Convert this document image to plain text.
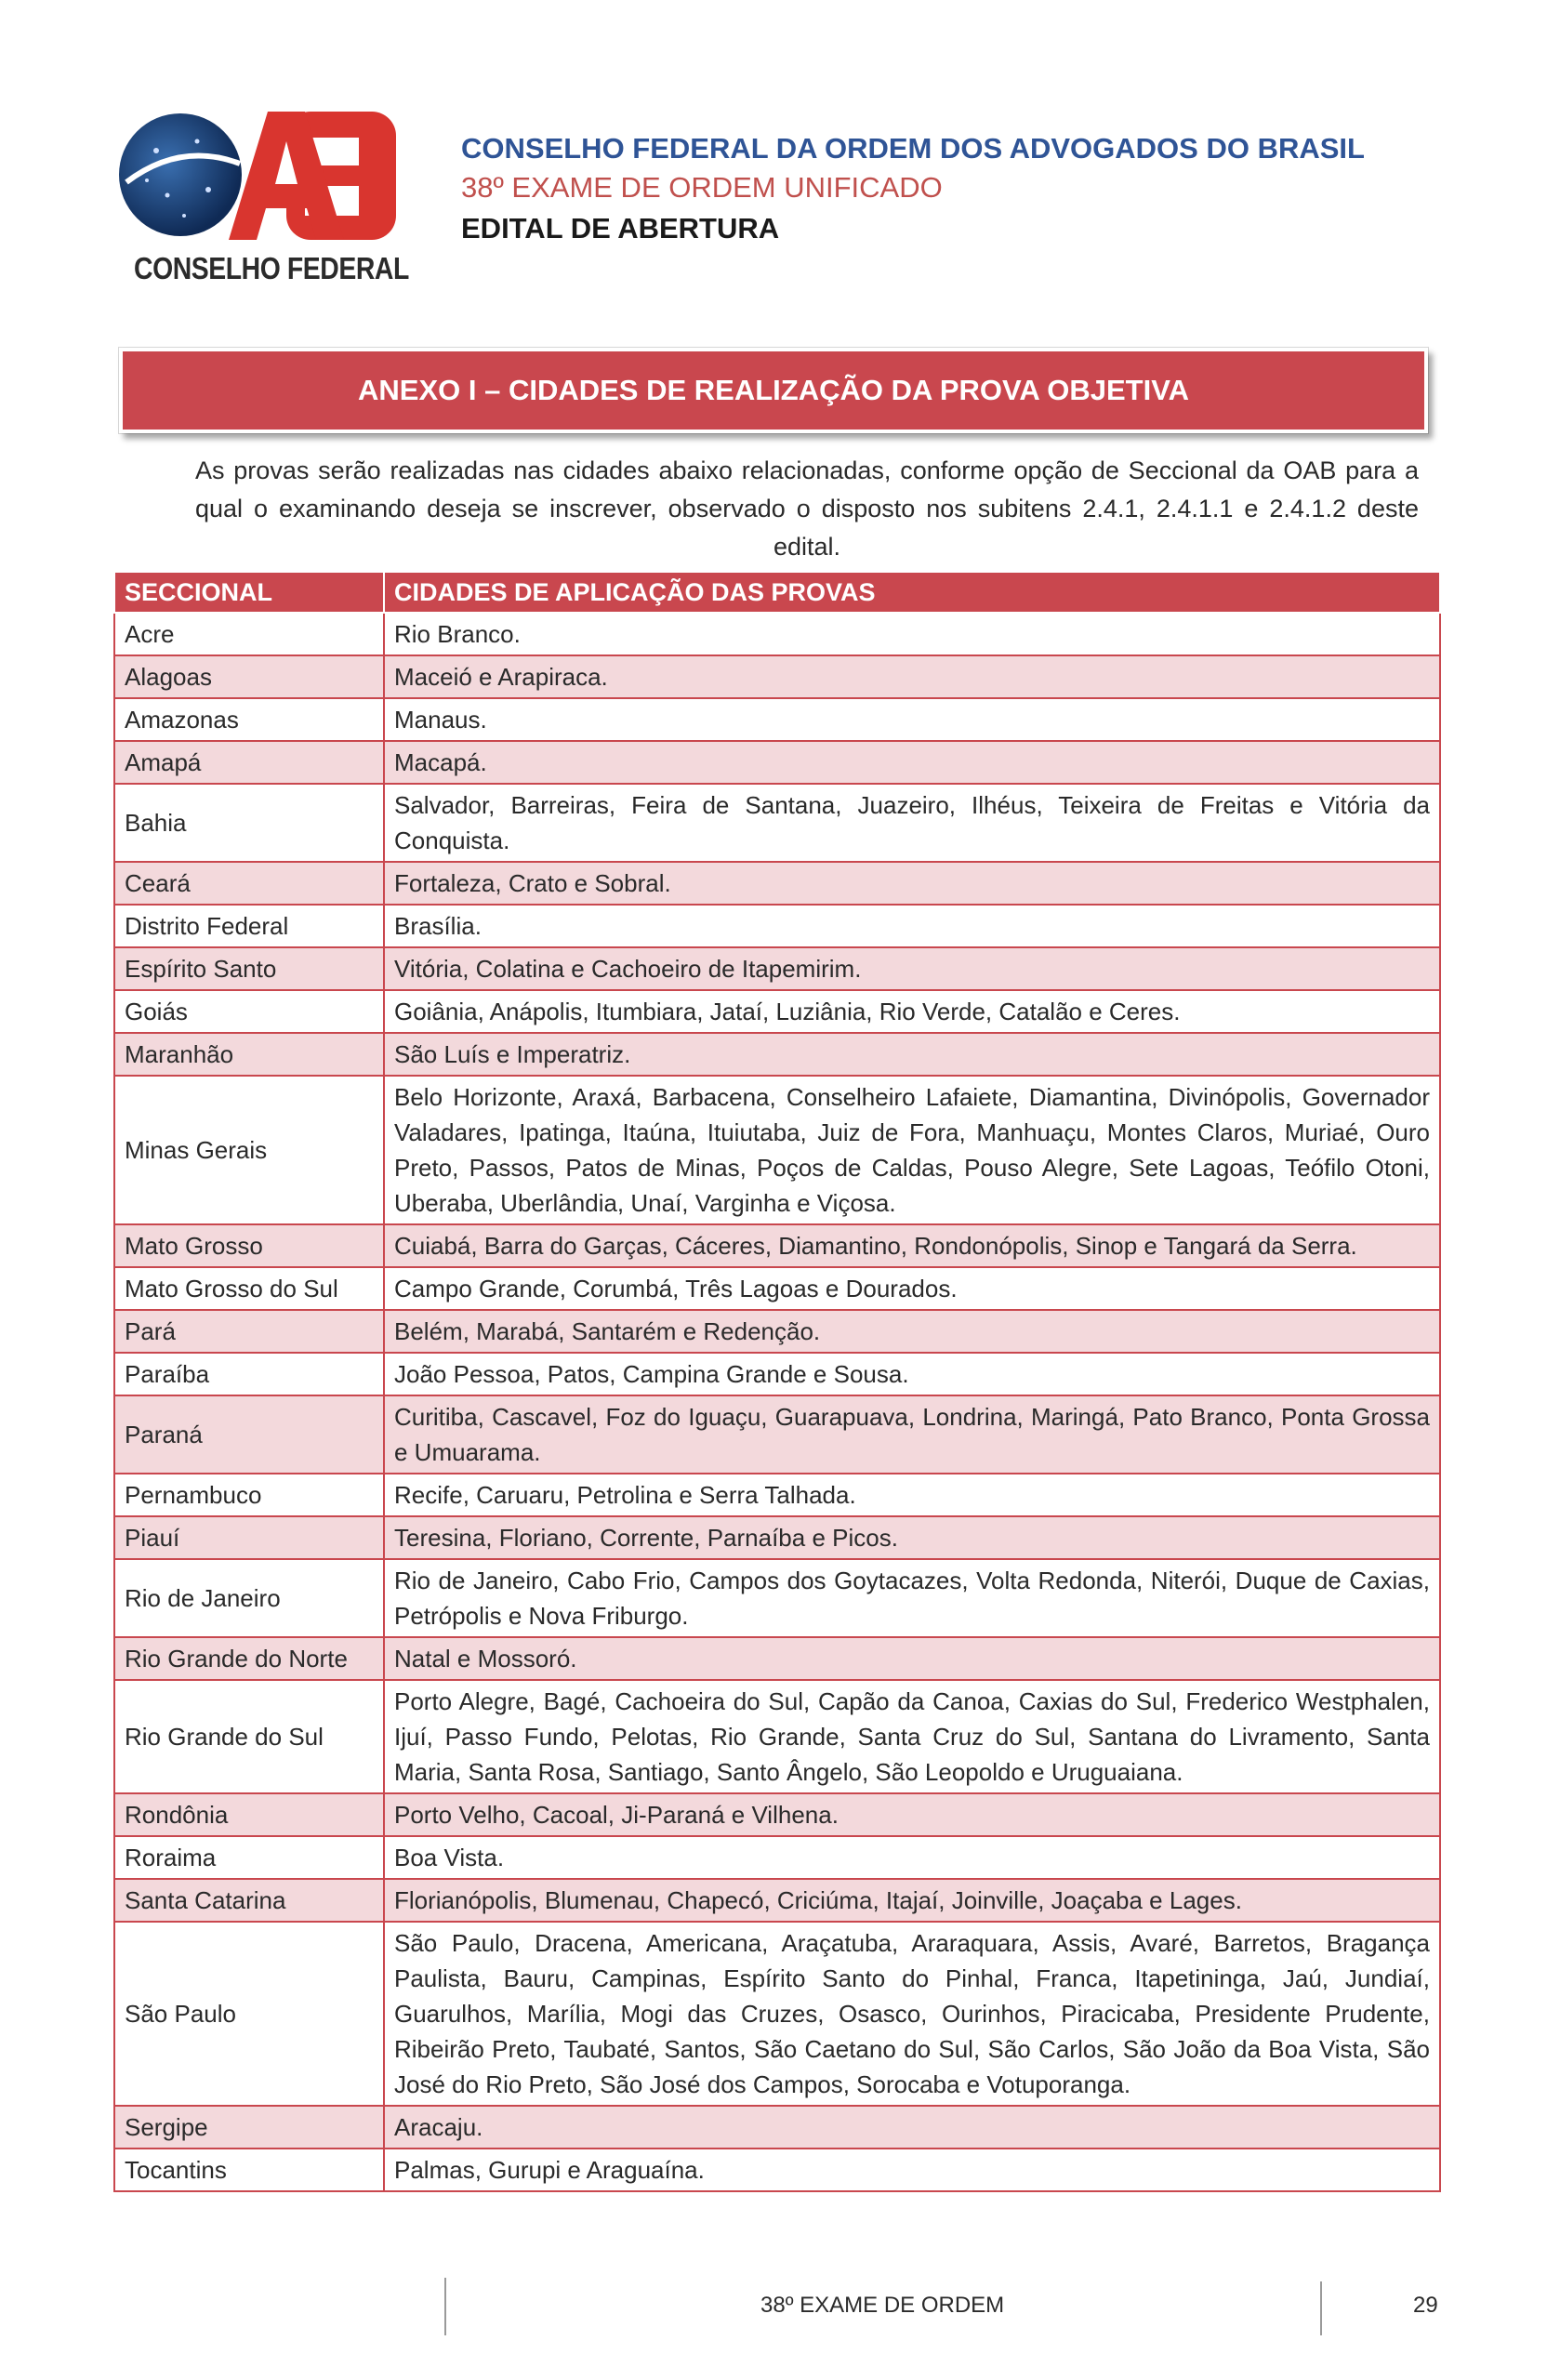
CONSELHO FEDERAL
CONSELHO FEDERAL DA ORDEM DOS ADVOGADOS DO BRASIL
38º EXAME DE ORDEM UNIFICADO
EDITAL DE ABERTURA
ANEXO I – CIDADES DE REALIZAÇÃO DA PROVA OBJETIVA
As provas serão realizadas nas cidades abaixo relacionadas, conforme opção de Seccional da OAB para a qual o examinando deseja se inscrever, observado o disposto nos subitens 2.4.1, 2.4.1.1 e 2.4.1.2 deste edital.
SECCIONAL	CIDADES DE APLICAÇÃO DAS PROVAS
Acre	Rio Branco.
Alagoas	Maceió e Arapiraca.
Amazonas	Manaus.
Amapá	Macapá.
Bahia	Salvador, Barreiras, Feira de Santana, Juazeiro, Ilhéus, Teixeira de Freitas e Vitória da Conquista.
Ceará	Fortaleza, Crato e Sobral.
Distrito Federal	Brasília.
Espírito Santo	Vitória, Colatina e Cachoeiro de Itapemirim.
Goiás	Goiânia, Anápolis, Itumbiara, Jataí, Luziânia, Rio Verde, Catalão e Ceres.
Maranhão	São Luís e Imperatriz.
Minas Gerais	Belo Horizonte, Araxá, Barbacena, Conselheiro Lafaiete, Diamantina, Divinópolis, Governador Valadares, Ipatinga, Itaúna, Ituiutaba, Juiz de Fora, Manhuaçu, Montes Claros, Muriaé, Ouro Preto, Passos, Patos de Minas, Poços de Caldas, Pouso Alegre, Sete Lagoas, Teófilo Otoni, Uberaba, Uberlândia, Unaí, Varginha e Viçosa.
Mato Grosso	Cuiabá, Barra do Garças, Cáceres, Diamantino, Rondonópolis, Sinop e Tangará da Serra.
Mato Grosso do Sul	Campo Grande, Corumbá, Três Lagoas e Dourados.
Pará	Belém, Marabá, Santarém e Redenção.
Paraíba	João Pessoa, Patos, Campina Grande e Sousa.
Paraná	Curitiba, Cascavel, Foz do Iguaçu, Guarapuava, Londrina, Maringá, Pato Branco, Ponta Grossa e Umuarama.
Pernambuco	Recife, Caruaru, Petrolina e Serra Talhada.
Piauí	Teresina, Floriano, Corrente, Parnaíba e Picos.
Rio de Janeiro	Rio de Janeiro, Cabo Frio, Campos dos Goytacazes, Volta Redonda, Niterói, Duque de Caxias, Petrópolis e Nova Friburgo.
Rio Grande do Norte	Natal e Mossoró.
Rio Grande do Sul	Porto Alegre, Bagé, Cachoeira do Sul, Capão da Canoa, Caxias do Sul, Frederico Westphalen, Ijuí, Passo Fundo, Pelotas, Rio Grande, Santa Cruz do Sul, Santana do Livramento, Santa Maria, Santa Rosa, Santiago, Santo Ângelo, São Leopoldo e Uruguaiana.
Rondônia	Porto Velho, Cacoal, Ji-Paraná e Vilhena.
Roraima	Boa Vista.
Santa Catarina	Florianópolis, Blumenau, Chapecó, Criciúma, Itajaí, Joinville, Joaçaba e Lages.
São Paulo	São Paulo, Dracena, Americana, Araçatuba, Araraquara, Assis, Avaré, Barretos, Bragança Paulista, Bauru, Campinas, Espírito Santo do Pinhal, Franca, Itapetininga, Jaú, Jundiaí, Guarulhos, Marília, Mogi das Cruzes, Osasco, Ourinhos, Piracicaba, Presidente Prudente, Ribeirão Preto, Taubaté, Santos, São Caetano do Sul, São Carlos, São João da Boa Vista, São José do Rio Preto, São José dos Campos, Sorocaba e Votuporanga.
Sergipe	Aracaju.
Tocantins	Palmas, Gurupi e Araguaína.
38º EXAME DE ORDEM	29
